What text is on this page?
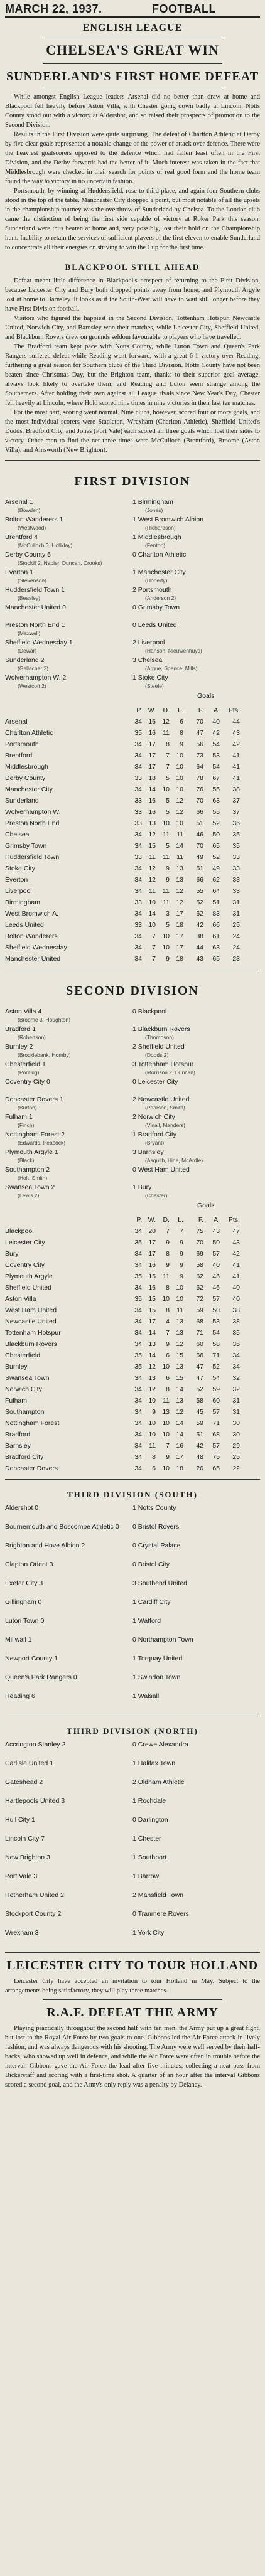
MARCH 22, 1937.	FOOTBALL
ENGLISH LEAGUE
CHELSEA'S GREAT WIN
SUNDERLAND'S FIRST HOME DEFEAT

While amongst English League leaders Arsenal did no better than draw at home and Blackpool fell heavily before Aston Villa, with Chester going down badly at Lincoln, Notts County stood out with a victory at Aldershot, and so raised their prospects of promotion to the Second Division.

Results in the First Division were quite surprising. The defeat of Charlton Athletic at Derby by five clear goals represented a notable change of the power of attack over defence. There were the heaviest goalscorers opposed to the defence which had fallen least often in the First Division, and the Derby forwards had the better of it. Much interest was taken in the fact that Middlesbrough were checked in their search for points of real good form and the home team found the way to victory in no uncertain fashion.

Portsmouth, by winning at Huddersfield, rose to third place, and again four Southern clubs stood in the top of the table. Manchester City dropped a point, but most notable of all the upsets in the championship tourney was the overthrow of Sunderland by Chelsea. To the London club came the distinction of being the first side capable of victory at Roker Park this season. Sunderland were thus beaten at home and, very possibly, lost their hold on the Championship hunt. Inability to retain the services of sufficient players of the first eleven to enable Sunderland to concentrate all their energies on striving to win the Cup for the first time.

BLACKPOOL STILL AHEAD

Defeat meant little difference in Blackpool's prospect of returning to the First Division, because Leicester City and Bury both dropped points away from home, and Plymouth Argyle lost at home to Barnsley. It looks as if the South-West will have to wait still longer before they have First Division football.

Visitors who figured the happiest in the Second Division, Tottenham Hotspur, Newcastle United, Norwich City, and Barnsley won their matches, while Leicester City, Sheffield United, and Blackburn Rovers drew on grounds seldom favourable to players who have travelled.

The Bradford team kept pace with Notts County, while Luton Town and Queen's Park Rangers suffered defeat while Reading went forward, with a great 6-1 victory over Reading, furthering a great season for Southern clubs of the Third Division. Notts County have not been beaten since Christmas Day, but the Brighton team, thanks to their superior goal average, always look likely to overtake them, and Reading and Luton seem strange among the Southerners. After holding their own against all League rivals since New Year's Day, Chester fell heavily at Lincoln, where Hold scored nine times in nine victories in their last ten matches.

For the most part, scoring went normal. Nine clubs, however, scored four or more goals, and the most individual scorers were Stapleton, Wrexham (Charlton Athletic), Sheffield United's Dodds, Bradford City, and Jones (Port Vale) each scored all three goals which lost their sides to victory. Other men to find the net three times were McCulloch (Brentford), Broome (Aston Villa), and Ainsworth (New Brighton).

FIRST DIVISION
Arsenal 1	1 Birmingham
(Bowden)	(Jones)
Bolton Wanderers 1	1 West Bromwich Albion
(Westwood)	(Richardson)
Brentford 4	1 Middlesbrough
(McCulloch 3, Holliday)	(Fenton)
Derby County 5	0 Charlton Athletic
(Stockill 2, Napier, Duncan, Crooks)
Everton 1	1 Manchester City
(Stevenson)	(Doherty)
Huddersfield Town 1	2 Portsmouth
(Beasley)	(Anderson 2)
Manchester United 0	0 Grimsby Town
Preston North End 1	0 Leeds United
(Maxwell)
Sheffield Wednesday 1	2 Liverpool
(Dewar)	(Hanson, Nieuwenhuys)
Sunderland 2	3 Chelsea
(Gallacher 2)	(Argue, Spence, Mills)
Wolverhampton W. 2	1 Stoke City
(Westcott 2)	(Steele)
Goals
P. W.	D.	L.	F.	A.	Pts.
Arsenal	34 16 12	6	70	40	44
Charlton Athletic	35 16	11	8	47	42	43
Portsmouth	34 17	8	9	56	54	42
Brentford	34 17	7 10	73	53	41
Middlesbrough	34 17	7 10	64	54	41
Derby County	33 18	5 10	78	67	41
Manchester City	34 14 10 10	76	55	38
Sunderland	33 16	5 12	70	63	37
Wolverhampton W.	33 16	5 12	66	55	37
Preston North End	33 13 10 10	51	52	36
Chelsea	34 12	11	11	46	50	35
Grimsby Town	34 15	5 14	70	65	35
Huddersfield Town	33	11	11	11	49	52	33
Stoke City	34 12	9 13	51	49	33
Everton	34 12	9 13	66	62	33
Liverpool	34	11	11 12	55	64	33
Birmingham	33 10	11 12	52	51	31
West Bromwich A.	34 14	3 17	62	83	31
Leeds United	33 10	5 18	42	66	25
Bolton Wanderers	34	7 10 17	38	61	24
Sheffield Wednesday	34	7 10 17	44	63	24
Manchester United	34	7	9 18	43	65	23
SECOND DIVISION
Aston Villa 4	0 Blackpool
(Broome 3, Houghton)
Bradford 1	1 Blackburn Rovers
(Robertson)	(Thompson)
Burnley 2	2 Sheffield United
(Brocklebank, Hornby)	(Dodds 2)
Chesterfield 1	3 Tottenham Hotspur
(Ponting)	(Morrison 2, Duncan)
Coventry City 0	0 Leicester City
Doncaster Rovers 1	2 Newcastle United
(Burton)	(Pearson, Smith)
Fulham 1	2 Norwich City
(Finch)	(Vinall, Manders)
Nottingham Forest 2	1 Bradford City
(Edwards, Peacock)	(Bryant)
Plymouth Argyle 1	3 Barnsley
(Black)	(Asquith, Hine, McArdle)
Southampton 2	0 West Ham United
(Holt, Smith)
Swansea Town 2	1 Bury
(Lewis 2)	(Chester)
Goals
P. W.	D.	L.	F.	A.	Pts.
Blackpool	34 20	7	7	75	43	47
Leicester City	35 17	9	9	70	50	43
Bury	34 17	8	9	69	57	42
Coventry City	34 16	9	9	58	40	41
Plymouth Argyle	35 15	11	9	62	46	41
Sheffield United	34 16	8 10	62	46	40
Aston Villa	35 15 10 10	72	57	40
West Ham United	34 15	8	11	59	50	38
Newcastle United	34 17	4 13	68	53	38
Tottenham Hotspur	34 14	7 13	71	54	35
Blackburn Rovers	34 13	9 12	60	58	35
Chesterfield	35 14	6 15	66	71	34
Burnley	35 12 10 13	47	52	34
Swansea Town	34 13	6 15	47	54	32
Norwich City	34 12	8 14	52	59	32
Fulham	34 10	11 13	58	60	31
Southampton	34	9 13 12	45	57	31
Nottingham Forest	34 10 10 14	59	71	30
Bradford	34 10 10 14	51	68	30
Barnsley	34	11	7 16	42	57	29
Bradford City	34	8	9 17	48	75	25
Doncaster Rovers	34	6 10 18	26	65	22
THIRD DIVISION (SOUTH)
Aldershot 0	1 Notts County
Bournemouth and Boscombe Athletic 0 0 Bristol Rovers
Brighton and Hove Albion 2	0 Crystal Palace
Clapton Orient 3	0 Bristol City
Exeter City 3	3 Southend United
Gillingham 0	1 Cardiff City
Luton Town 0	1 Watford
Millwall 1	0 Northampton Town
Newport County 1	1 Torquay United
Queen's Park Rangers 0	1 Swindon Town
Reading 6	1 Walsall
THIRD DIVISION (NORTH)
Accrington Stanley 2	0 Crewe Alexandra
Carlisle United 1	1 Halifax Town
Gateshead 2	2 Oldham Athletic
Hartlepools United 3	1 Rochdale
Hull City 1	0 Darlington
Lincoln City 7	1 Chester
New Brighton 3	1 Southport
Port Vale 3	1 Barrow
Rotherham United 2	2 Mansfield Town
Stockport County 2	0 Tranmere Rovers
Wrexham 3	1 York City
LEICESTER CITY TO TOUR HOLLAND

Leicester City have accepted an invitation to tour Holland in May. Subject to the arrangements being satisfactory, they will play three matches.

R.A.F. DEFEAT THE ARMY

Playing practically throughout the second half with ten men, the Army put up a great fight, but lost to the Royal Air Force by two goals to one. Gibbons led the Air Force attack in lively fashion, and was always dangerous with his shooting. The Army were well served by their half-backs, who showed up well in defence, and while the Air Force were often in trouble before the interval. Gibbons gave the Air Force the lead after five minutes, collecting a neat pass from Bickerstaff and scoring with a first-time shot. A quarter of an hour after the interval Gibbons scored a second goal, and the Army's only reply was a penalty by Delaney.
